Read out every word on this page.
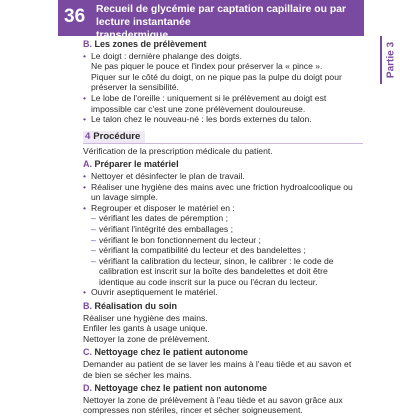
36 Recueil de glycémie par captation capillaire ou par lecture instantanée
transdermique
Partie 3
B. Les zones de prélèvement
• Le doigt : dernière phalange des doigts.
Ne pas piquer le pouce et l'index pour préserver la « pince ».
Piquer sur le côté du doigt, on ne pique pas la pulpe du doigt pour préserver la sensibilité.
• Le lobe de l'oreille : uniquement si le prélèvement au doigt est impossible car c'est une zone prélèvement douloureuse.
• Le talon chez le nouveau-né : les bords externes du talon.
4 Procédure

Vérification de la prescription médicale du patient.

A. Préparer le matériel
• Nettoyer et désinfecter le plan de travail.
• Réaliser une hygiène des mains avec une friction hydroalcoolique ou un lavage simple.
• Regrouper et disposer le matériel en :
– vérifiant les dates de péremption ;
– vérifiant l'intégrité des emballages ;
– vérifiant le bon fonctionnement du lecteur ;
– vérifiant la compatibilité du lecteur et des bandelettes ;
– vérifiant la calibration du lecteur, sinon, le calibrer : le code de calibration est inscrit sur la boîte des bandelettes et doit être identique au code inscrit sur la puce ou l'écran du lecteur.
• Ouvrir aseptiquement le matériel.
B. Réalisation du soin

Réaliser une hygiène des mains.

Enfiler les gants à usage unique.

Nettoyer la zone de prélèvement.

C. Nettoyage chez le patient autonome

Demander au patient de se laver les mains à l'eau tiède et au savon et de bien se sécher les mains.

D. Nettoyage chez le patient non autonome

Nettoyer la zone de prélèvement à l'eau tiède et au savon grâce aux compresses non stériles, rincer et sécher soigneusement.
